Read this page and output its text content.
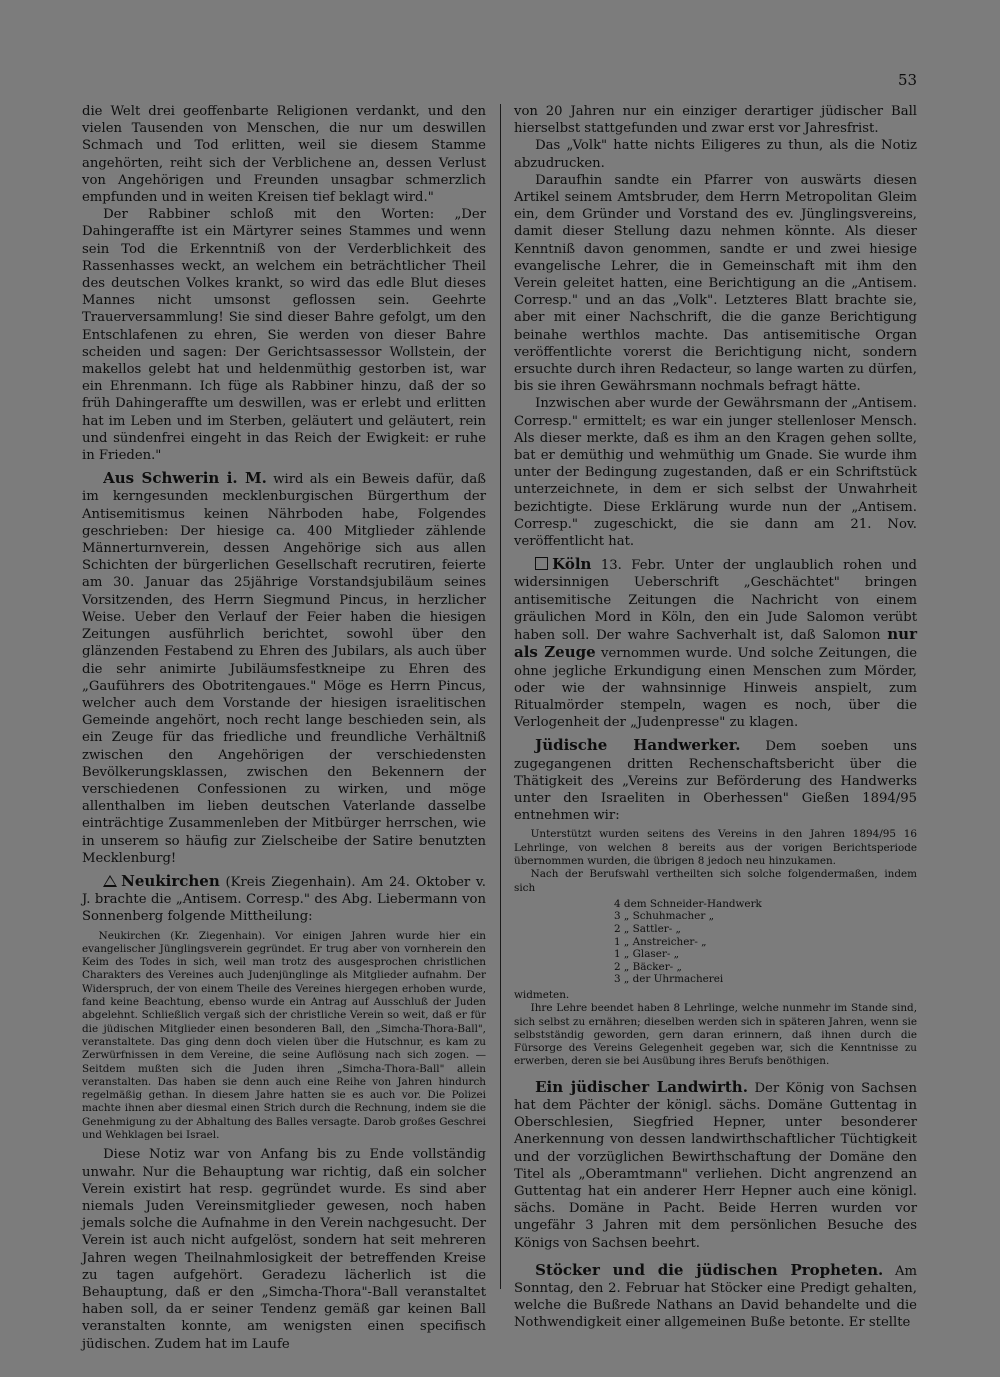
53

die Welt drei geoffenbarte Religionen verdankt, und den vielen Tausenden von Menschen, die nur um deswillen Schmach und Tod erlitten, weil sie diesem Stamme angehörten, reiht sich der Verblichene an, dessen Verlust von Angehörigen und Freunden unsagbar schmerzlich empfunden und in weiten Kreisen tief beklagt wird."

Der Rabbiner schloß mit den Worten: „Der Dahingeraffte ist ein Märtyrer seines Stammes und wenn sein Tod die Erkenntniß von der Verderblichkeit des Rassenhasses weckt, an welchem ein beträchtlicher Theil des deutschen Volkes krankt, so wird das edle Blut dieses Mannes nicht umsonst geflossen sein. Geehrte Trauerversammlung! Sie sind dieser Bahre gefolgt, um den Entschlafenen zu ehren, Sie werden von dieser Bahre scheiden und sagen: Der Gerichtsassessor Wollstein, der makellos gelebt hat und heldenmüthig gestorben ist, war ein Ehrenmann. Ich füge als Rabbiner hinzu, daß der so früh Dahingeraffte um deswillen, was er erlebt und erlitten hat im Leben und im Sterben, geläutert und geläutert, rein und sündenfrei eingeht in das Reich der Ewigkeit: er ruhe in Frieden."

Aus Schwerin i. M. wird als ein Beweis dafür, daß im kerngesunden mecklenburgischen Bürgerthum der Antisemitismus keinen Nährboden habe, Folgendes geschrieben: Der hiesige ca. 400 Mitglieder zählende Männerturnverein, dessen Angehörige sich aus allen Schichten der bürgerlichen Gesellschaft recrutiren, feierte am 30. Januar das 25jährige Vorstandsjubiläum seines Vorsitzenden, des Herrn Siegmund Pincus, in herzlicher Weise. Ueber den Verlauf der Feier haben die hiesigen Zeitungen ausführlich berichtet, sowohl über den glänzenden Festabend zu Ehren des Jubilars, als auch über die sehr animirte Jubiläumsfestkneipe zu Ehren des „Gauführers des Obotritengaues." Möge es Herrn Pincus, welcher auch dem Vorstande der hiesigen israelitischen Gemeinde angehört, noch recht lange beschieden sein, als ein Zeuge für das friedliche und freundliche Verhältniß zwischen den Angehörigen der verschiedensten Bevölkerungsklassen, zwischen den Bekennern der verschiedenen Confessionen zu wirken, und möge allenthalben im lieben deutschen Vaterlande dasselbe einträchtige Zusammenleben der Mitbürger herrschen, wie in unserem so häufig zur Zielscheibe der Satire benutzten Mecklenburg!

Neukirchen (Kreis Ziegenhain). Am 24. Oktober v. J. brachte die „Antisem. Corresp." des Abg. Liebermann von Sonnenberg folgende Mittheilung:

Neukirchen (Kr. Ziegenhain). Vor einigen Jahren wurde hier ein evangelischer Jünglingsverein gegründet. Er trug aber von vornherein den Keim des Todes in sich, weil man trotz des ausgesprochen christlichen Charakters des Vereines auch Judenjünglinge als Mitglieder aufnahm. Der Widerspruch, der von einem Theile des Vereines hiergegen erhoben wurde, fand keine Beachtung, ebenso wurde ein Antrag auf Ausschluß der Juden abgelehnt. Schließlich vergaß sich der christliche Verein so weit, daß er für die jüdischen Mitglieder einen besonderen Ball, den „Simcha-Thora-Ball", veranstaltete. Das ging denn doch vielen über die Hutschnur, es kam zu Zerwürfnissen in dem Vereine, die seine Auflösung nach sich zogen. — Seitdem mußten sich die Juden ihren „Simcha-Thora-Ball" allein veranstalten. Das haben sie denn auch eine Reihe von Jahren hindurch regelmäßig gethan. In diesem Jahre hatten sie es auch vor. Die Polizei machte ihnen aber diesmal einen Strich durch die Rechnung, indem sie die Genehmigung zu der Abhaltung des Balles versagte. Darob großes Geschrei und Wehklagen bei Israel.

Diese Notiz war von Anfang bis zu Ende vollständig unwahr. Nur die Behauptung war richtig, daß ein solcher Verein existirt hat resp. gegründet wurde. Es sind aber niemals Juden Vereinsmitglieder gewesen, noch haben jemals solche die Aufnahme in den Verein nachgesucht. Der Verein ist auch nicht aufgelöst, sondern hat seit mehreren Jahren wegen Theilnahmlosigkeit der betreffenden Kreise zu tagen aufgehört. Geradezu lächerlich ist die Behauptung, daß er den „Simcha-Thora"-Ball veranstaltet haben soll, da er seiner Tendenz gemäß gar keinen Ball veranstalten konnte, am wenigsten einen specifisch jüdischen. Zudem hat im Laufe

von 20 Jahren nur ein einziger derartiger jüdischer Ball hierselbst stattgefunden und zwar erst vor Jahresfrist.

Das „Volk" hatte nichts Eiligeres zu thun, als die Notiz abzudrucken.

Daraufhin sandte ein Pfarrer von auswärts diesen Artikel seinem Amtsbruder, dem Herrn Metropolitan Gleim ein, dem Gründer und Vorstand des ev. Jünglingsvereins, damit dieser Stellung dazu nehmen könnte. Als dieser Kenntniß davon genommen, sandte er und zwei hiesige evangelische Lehrer, die in Gemeinschaft mit ihm den Verein geleitet hatten, eine Berichtigung an die „Antisem. Corresp." und an das „Volk". Letzteres Blatt brachte sie, aber mit einer Nachschrift, die die ganze Berichtigung beinahe werthlos machte. Das antisemitische Organ veröffentlichte vorerst die Berichtigung nicht, sondern ersuchte durch ihren Redacteur, so lange warten zu dürfen, bis sie ihren Gewährsmann nochmals befragt hätte.

Inzwischen aber wurde der Gewährsmann der „Antisem. Corresp." ermittelt; es war ein junger stellenloser Mensch. Als dieser merkte, daß es ihm an den Kragen gehen sollte, bat er demüthig und wehmüthig um Gnade. Sie wurde ihm unter der Bedingung zugestanden, daß er ein Schriftstück unterzeichnete, in dem er sich selbst der Unwahrheit bezichtigte. Diese Erklärung wurde nun der „Antisem. Corresp." zugeschickt, die sie dann am 21. Nov. veröffentlicht hat.

Köln 13. Febr. Unter der unglaublich rohen und widersinnigen Ueberschrift „Geschächtet" bringen antisemitische Zeitungen die Nachricht von einem gräulichen Mord in Köln, den ein Jude Salomon verübt haben soll. Der wahre Sachverhalt ist, daß Salomon nur als Zeuge vernommen wurde. Und solche Zeitungen, die ohne jegliche Erkundigung einen Menschen zum Mörder, oder wie der wahnsinnige Hinweis anspielt, zum Ritualmörder stempeln, wagen es noch, über die Verlogenheit der „Judenpresse" zu klagen.

Jüdische Handwerker. Dem soeben uns zugegangenen dritten Rechenschaftsbericht über die Thätigkeit des „Vereins zur Beförderung des Handwerks unter den Israeliten in Oberhessen" Gießen 1894/95 entnehmen wir:

Unterstützt wurden seitens des Vereins in den Jahren 1894/95 16 Lehrlinge, von welchen 8 bereits aus der vorigen Berichtsperiode übernommen wurden, die übrigen 8 jedoch neu hinzukamen.

Nach der Berufswahl vertheilten sich solche folgendermaßen, indem sich

4 dem Schneider-Handwerk
3 „ Schuhmacher „
2 „ Sattler- „
1 „ Anstreicher- „
1 „ Glaser- „
2 „ Bäcker- „
3 „ der Uhrmacherei

widmeten.

Ihre Lehre beendet haben 8 Lehrlinge, welche nunmehr im Stande sind, sich selbst zu ernähren; dieselben werden sich in späteren Jahren, wenn sie selbstständig geworden, gern daran erinnern, daß ihnen durch die Fürsorge des Vereins Gelegenheit gegeben war, sich die Kenntnisse zu erwerben, deren sie bei Ausübung ihres Berufs benöthigen.

Ein jüdischer Landwirth. Der König von Sachsen hat dem Pächter der königl. sächs. Domäne Guttentag in Oberschlesien, Siegfried Hepner, unter besonderer Anerkennung von dessen landwirthschaftlicher Tüchtigkeit und der vorzüglichen Bewirthschaftung der Domäne den Titel als „Oberamtmann" verliehen. Dicht angrenzend an Guttentag hat ein anderer Herr Hepner auch eine königl. sächs. Domäne in Pacht. Beide Herren wurden vor ungefähr 3 Jahren mit dem persönlichen Besuche des Königs von Sachsen beehrt.

Stöcker und die jüdischen Propheten. Am Sonntag, den 2. Februar hat Stöcker eine Predigt gehalten, welche die Bußrede Nathans an David behandelte und die Nothwendigkeit einer allgemeinen Buße betonte. Er stellte
